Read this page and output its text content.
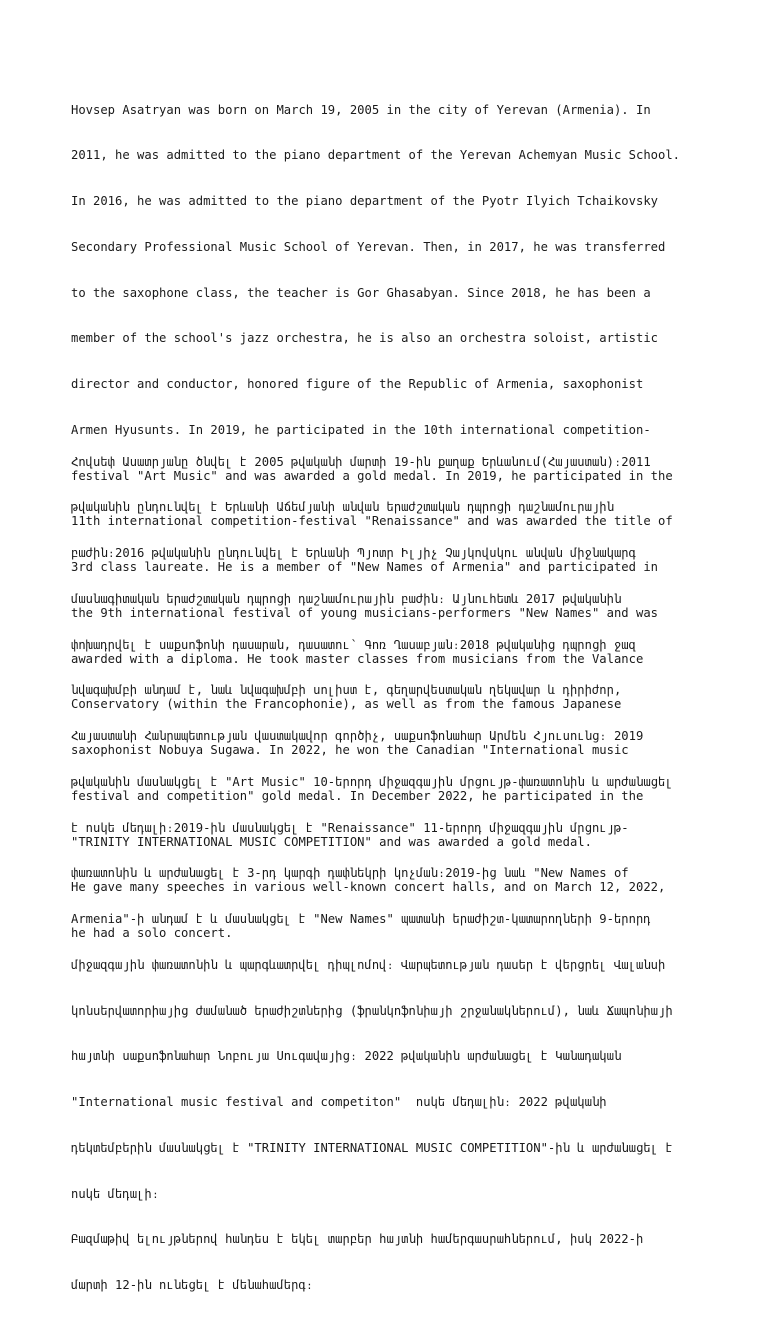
Hovsep Asatryan was born on March 19, 2005 in the city of Yerevan (Armenia). In

2011, he was admitted to the piano department of the Yerevan Achemyan Music School.

In 2016, he was admitted to the piano department of the Pyotr Ilyich Tchaikovsky

Secondary Professional Music School of Yerevan. Then, in 2017, he was transferred

to the saxophone class, the teacher is Gor Ghasabyan. Since 2018, he has been a

member of the school's jazz orchestra, he is also an orchestra soloist, artistic

director and conductor, honored figure of the Republic of Armenia, saxophonist

Armen Hyusunts. In 2019, he participated in the 10th international competition-

festival "Art Music" and was awarded a gold medal. In 2019, he participated in the

11th international competition-festival "Renaissance" and was awarded the title of

3rd class laureate. He is a member of "New Names of Armenia" and participated in

the 9th international festival of young musicians-performers "New Names" and was

awarded with a diploma. He took master classes from musicians from the Valance

Conservatory (within the Francophonie), as well as from the famous Japanese

saxophonist Nobuya Sugawa. In 2022, he won the Canadian "International music

festival and competition" gold medal. In December 2022, he participated in the

"TRINITY INTERNATIONAL MUSIC COMPETITION" and was awarded a gold medal.

He gave many speeches in various well-known concert halls, and on March 12, 2022,

he had a solo concert.

Հովսեփ Ասատրյանը ծնվել է 2005 թվականի մարտի 19-ին քաղաք Երևանում(Հայաստան)։2011

թվականին ընդունվել է Երևանի Աճեմյանի անվան երաժշտական դպրոցի դաշնամուրային

բաժին։2016 թվականին ընդունվել է Երևանի Պյոտր Իլյիչ Չայկովսկու անվան միջնակարգ

մասնագիտական երաժշտական դպրոցի դաշնամուրային բաժին։ Այնուհետև 2017 թվականին

փոխադրվել է սաքսոֆոնի դասարան, դասատու՝ Գոռ Ղասաբյան։2018 թվականից դպրոցի ջազ

նվագախմբի անդամ է, նաև նվագախմբի սոլիստ է, գեղարվեստական ղեկավար և դիրիժոր,

Հայաստանի Հանրապետության վաստակավոր գործիչ, սաքսոֆոնահար Արմեն Հյուսունց։ 2019

թվականին մասնակցել է "Art Music" 10-երորդ միջազգային մրցույթ-փառատոնին և արժանացել

է ոսկե մեդալի։2019-ին մասնակցել է "Renaissance" 11-երորդ միջազգային մրցույթ-

փառատոնին և արժանացել է 3-րդ կարգի դափնեկրի կոչման։2019-ից նաև "New Names of

Armenia"-ի անդամ է և մասնակցել է "New Names" պատանի երաժիշտ-կատարողների 9-երորդ

միջազգային փառատոնին և պարգևատրվել դիպլոմով։ Վարպետության դասեր է վերցրել Վալանսի

կոնսերվատորիայից ժամանած երաժիշտներից (ֆրանկոֆոնիայի շրջանակներում), նաև Ճապոնիայի

հայտնի սաքսոֆոնահար Նոբույա Սուգավայից։ 2022 թվականին արժանացել է Կանադական

"International music festival and competiton"  ոսկե մեդալին։ 2022 թվականի

դեկտեմբերին մասնակցել է "TRINITY INTERNATIONAL MUSIC COMPETITION"-ին և արժանացել է

ոսկե մեդալի։

Բազմաթիվ ելույթներով հանդես է եկել տարբեր հայտնի համերգասրահներում, իսկ 2022-ի

մարտի 12-ին ունեցել է մենահամերգ։
